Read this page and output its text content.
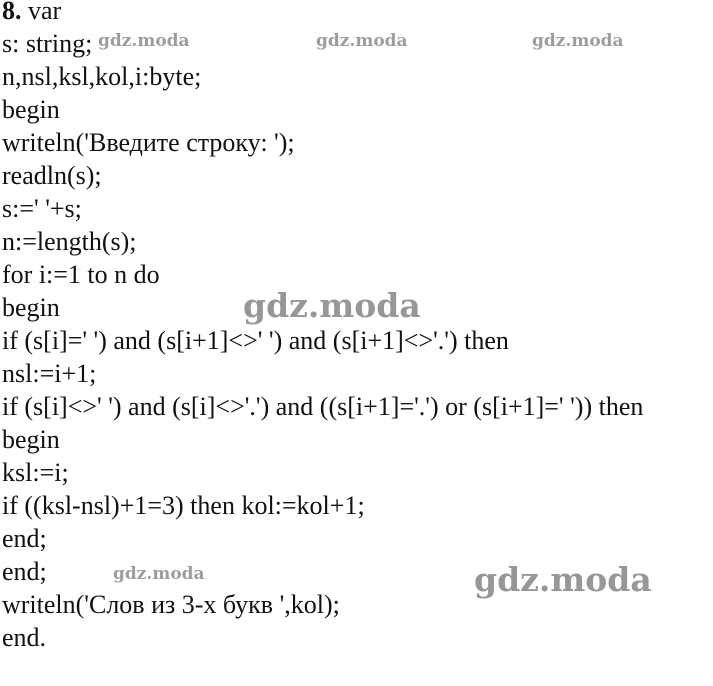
8. var
s: string;
n,nsl,ksl,kol,i:byte;
begin
writeln('Введите строку: ');
readln(s);
s:=' '+s;
n:=length(s);
for i:=1 to n do
begin
if (s[i]=' ') and (s[i+1]<>' ') and (s[i+1]<>'.') then
nsl:=i+1;
if (s[i]<>' ') and (s[i]<>'.') and ((s[i+1]='.') or (s[i+1]=' ')) then
begin
ksl:=i;
if ((ksl-nsl)+1=3) then kol:=kol+1;
end;
end;
writeln('Слов из 3-х букв ',kol);
end.
gdz.moda	gdz.moda	gdz.moda
gdz.moda
gdz.moda	gdz.moda
